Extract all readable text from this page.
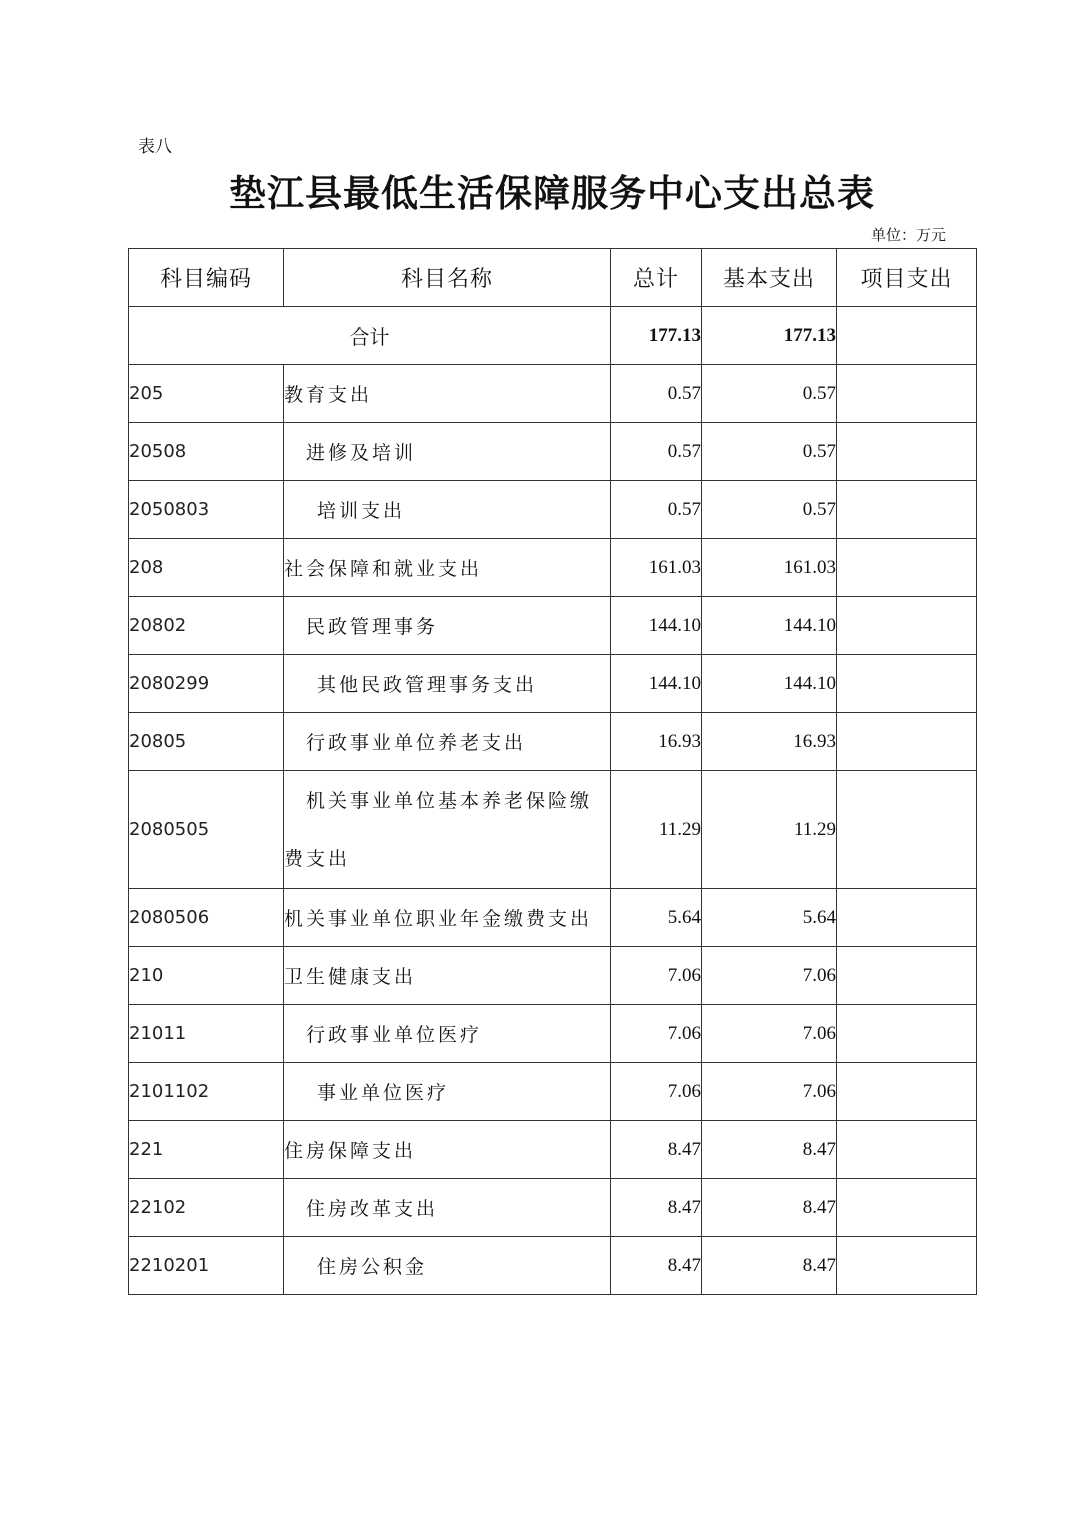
表八
垫江县最低生活保障服务中心支出总表
单位：万元
科目编码	科目名称	总计	基本支出	项目支出
合计		177.13	177.13	
205	教育支出	0.57	0.57	
20508	进修及培训	0.57	0.57	
2050803	培训支出	0.57	0.57	
208	社会保障和就业支出	161.03	161.03	
20802	民政管理事务	144.10	144.10	
2080299	其他民政管理事务支出	144.10	144.10	
20805	行政事业单位养老支出	16.93	16.93	
2080505	机关事业单位基本养老保险缴费支出	11.29	11.29	
2080506	机关事业单位职业年金缴费支出	5.64	5.64	
210	卫生健康支出	7.06	7.06	
21011	行政事业单位医疗	7.06	7.06	
2101102	事业单位医疗	7.06	7.06	
221	住房保障支出	8.47	8.47	
22102	住房改革支出	8.47	8.47	
2210201	住房公积金	8.47	8.47	
